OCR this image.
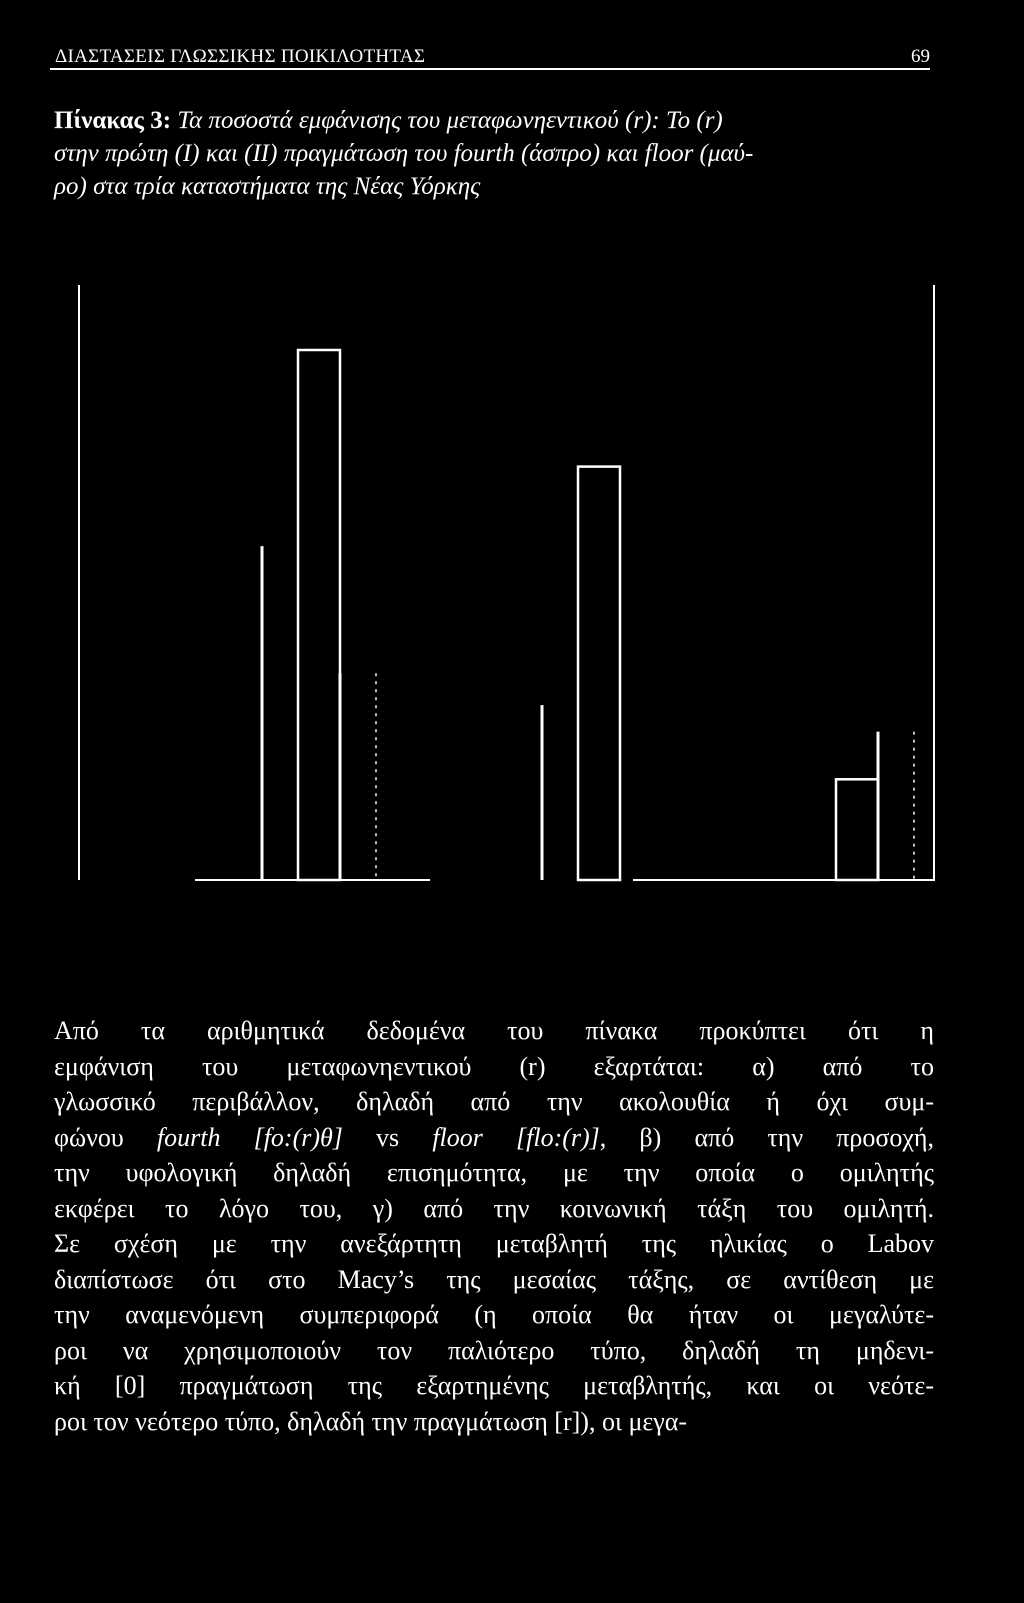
ΔΙΑΣΤΑΣΕΙΣ ΓΛΩΣΣΙΚΗΣ ΠΟΙΚΙΛΟΤΗΤΑΣ	69
Πίνακας 3: Τα ποσοστά εμφάνισης του μεταφωνηεντικού (r): Το (r)
στην πρώτη (I) και (II) πραγμάτωση του fourth (άσπρο) και floor (μαύ-
ρο) στα τρία καταστήματα της Νέας Υόρκης
Από τα αριθμητικά δεδομένα του πίνακα προκύπτει ότι η
εμφάνιση του μεταφωνηεντικού (r) εξαρτάται: α) από το
γλωσσικό περιβάλλον, δηλαδή από την ακολουθία ή όχι συμ-
φώνου fourth [fo:(r)θ] vs floor [flo:(r)], β) από την προσοχή,
την υφολογική δηλαδή επισημότητα, με την οποία ο ομιλητής
εκφέρει το λόγο του, γ) από την κοινωνική τάξη του ομιλητή.
Σε σχέση με την ανεξάρτητη μεταβλητή της ηλικίας ο Labov
διαπίστωσε ότι στο Macy’s της μεσαίας τάξης, σε αντίθεση με
την αναμενόμενη συμπεριφορά (η οποία θα ήταν οι μεγαλύτε-
ροι να χρησιμοποιούν τον παλιότερο τύπο, δηλαδή τη μηδενι-
κή [0] πραγμάτωση της εξαρτημένης μεταβλητής, και οι νεότε-
ροι τον νεότερο τύπο, δηλαδή την πραγμάτωση [r]), οι μεγα-
